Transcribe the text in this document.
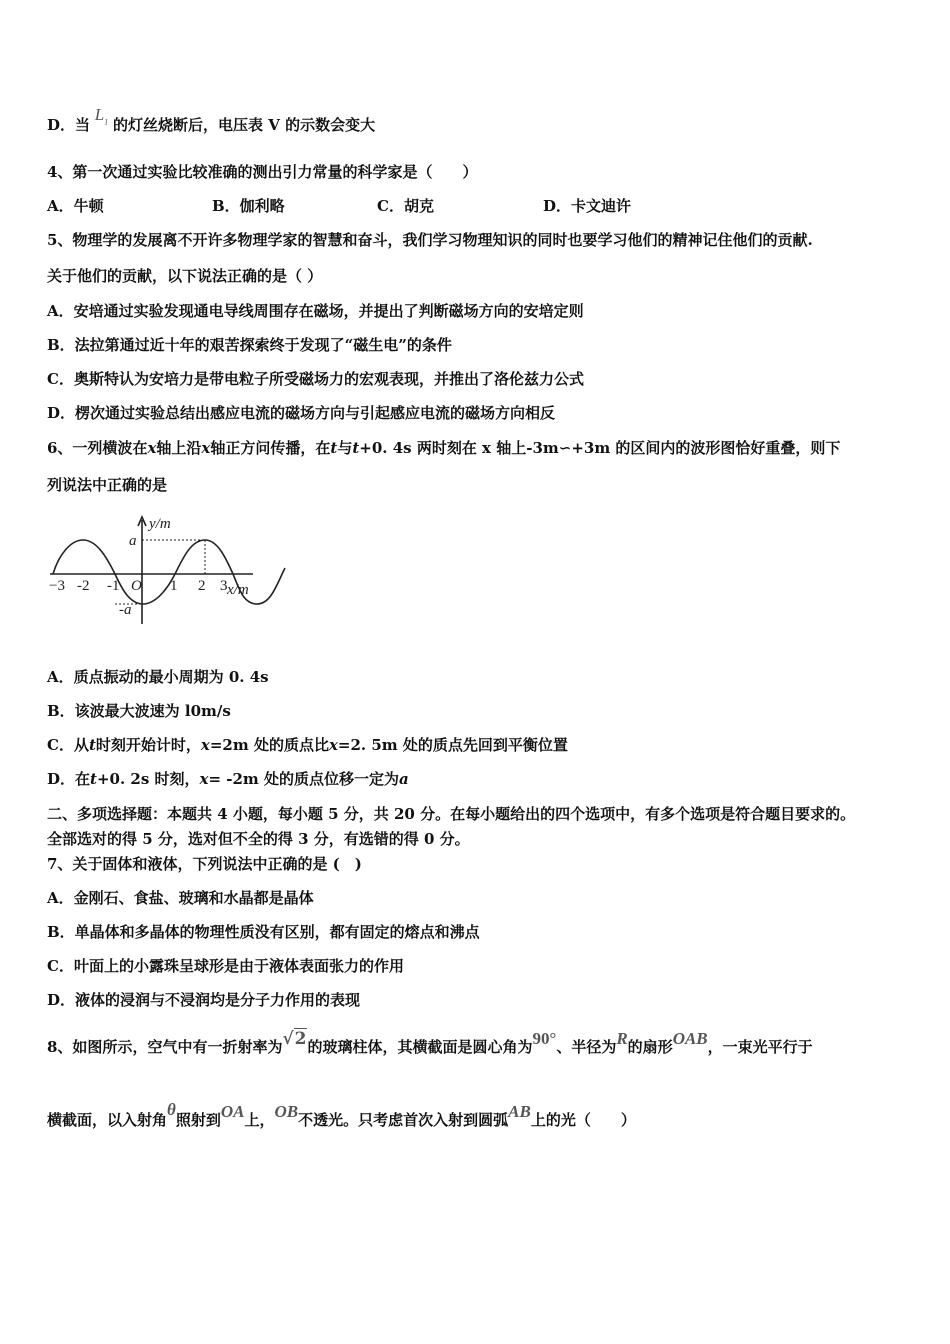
D．当 $L_1$ 的灯丝烧断后，电压表 V 的示数会变大
4、第一次通过实验比较准确的测出引力常量的科学家是（　　）
A．牛顿	B．伽利略	C．胡克	D．卡文迪许
5、物理学的发展离不开许多物理学家的智慧和奋斗，我们学习物理知识的同时也要学习他们的精神记住他们的贡献.
关于他们的贡献，以下说法正确的是（ ）
A．安培通过实验发现通电导线周围存在磁场，并提出了判断磁场方向的安培定则
B．法拉第通过近十年的艰苦探索终于发现了“磁生电”的条件
C．奥斯特认为安培力是带电粒子所受磁场力的宏观表现，并推出了洛伦兹力公式
D．楞次通过实验总结出感应电流的磁场方向与引起感应电流的磁场方向相反
6、一列横波在x轴上沿x轴正方问传播，在t与t+0. 4s 两时刻在 x 轴上-3m∽+3m 的区间内的波形图恰好重叠，则下
列说法中正确的是
y/m
a
-a
O	x/m
−3 -2 -1	1 2 3
A．质点振动的最小周期为 0. 4s
B．该波最大波速为 l0m/s
C．从t时刻开始计时，x=2m 处的质点比x=2. 5m 处的质点先回到平衡位置
D．在t+0. 2s 时刻，x= -2m 处的质点位移一定为a
二、多项选择题：本题共 4 小题，每小题 5 分，共 20 分。在每小题给出的四个选项中，有多个选项是符合题目要求的。
全部选对的得 5 分，选对但不全的得 3 分，有选错的得 0 分。
7、关于固体和液体，下列说法中正确的是 (　)
A．金刚石、食盐、玻璃和水晶都是晶体
B．单晶体和多晶体的物理性质没有区别，都有固定的熔点和沸点
C．叶面上的小露珠呈球形是由于液体表面张力的作用
D．液体的浸润与不浸润均是分子力作用的表现
8、如图所示，空气中有一折射率为√2的玻璃柱体，其横截面是圆心角为90°、半径为R的扇形OAB，一束光平行于
横截面，以入射角θ照射到OA上，OB不透光。只考虑首次入射到圆弧AB上的光（　　）
